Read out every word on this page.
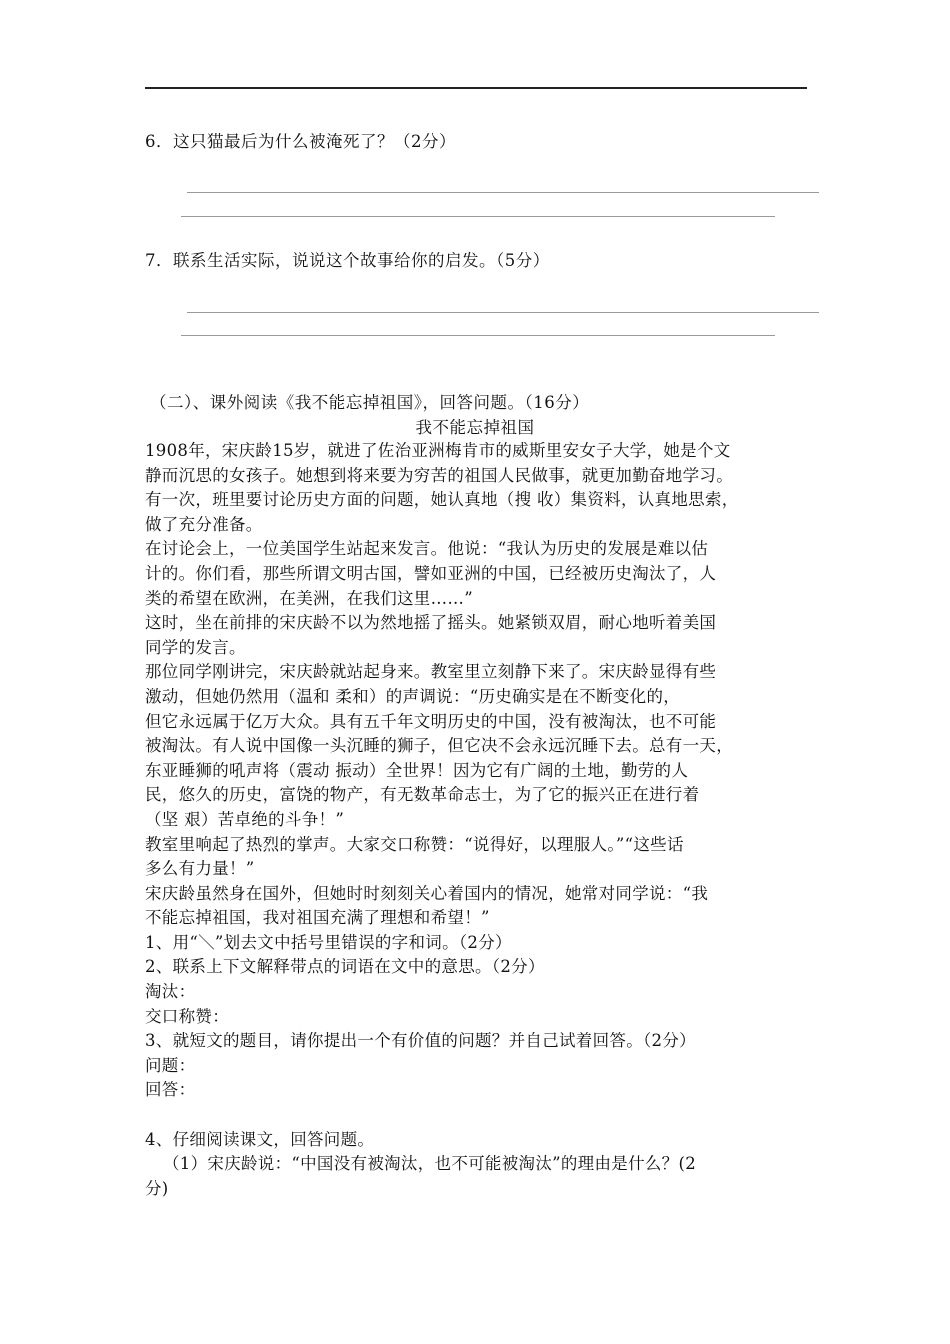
6．这只猫最后为什么被淹死了？（2分）
7．联系生活实际，说说这个故事给你的启发。（5分）
（二）、课外阅读《我不能忘掉祖国》，回答问题。（16分）
我不能忘掉祖国

1908年，宋庆龄15岁，就进了佐治亚洲梅肯市的威斯里安女子大学，她是个文

静而沉思的女孩子。她想到将来要为穷苦的祖国人民做事，就更加勤奋地学习。

有一次，班里要讨论历史方面的问题，她认真地（搜 收）集资料，认真地思索，

做了充分准备。

在讨论会上，一位美国学生站起来发言。他说：“我认为历史的发展是难以估

计的。你们看，那些所谓文明古国，譬如亚洲的中国，已经被历史淘汰了，人

类的希望在欧洲，在美洲，在我们这里……”

这时，坐在前排的宋庆龄不以为然地摇了摇头。她紧锁双眉，耐心地听着美国

同学的发言。

那位同学刚讲完，宋庆龄就站起身来。教室里立刻静下来了。宋庆龄显得有些

激动，但她仍然用（温和 柔和）的声调说：“历史确实是在不断变化的，

但它永远属于亿万大众。具有五千年文明历史的中国，没有被淘汰，也不可能

被淘汰。有人说中国像一头沉睡的狮子，但它决不会永远沉睡下去。总有一天，

东亚睡狮的吼声将（震动 振动）全世界！因为它有广阔的土地，勤劳的人

民，悠久的历史，富饶的物产，有无数革命志士，为了它的振兴正在进行着

（坚 艰）苦卓绝的斗争！”

教室里响起了热烈的掌声。大家交口称赞：“说得好，以理服人。”“这些话

多么有力量！”

宋庆龄虽然身在国外，但她时时刻刻关心着国内的情况，她常对同学说：“我

不能忘掉祖国，我对祖国充满了理想和希望！”

1、用“＼”划去文中括号里错误的字和词。（2分）

2、联系上下文解释带点的词语在文中的意思。（2分）

淘汰：

交口称赞：

3、就短文的题目，请你提出一个有价值的问题？并自己试着回答。（2分）

问题：

回答：

4、仔细阅读课文，回答问题。

（1）宋庆龄说：“中国没有被淘汰，也不可能被淘汰”的理由是什么？(2

分)
